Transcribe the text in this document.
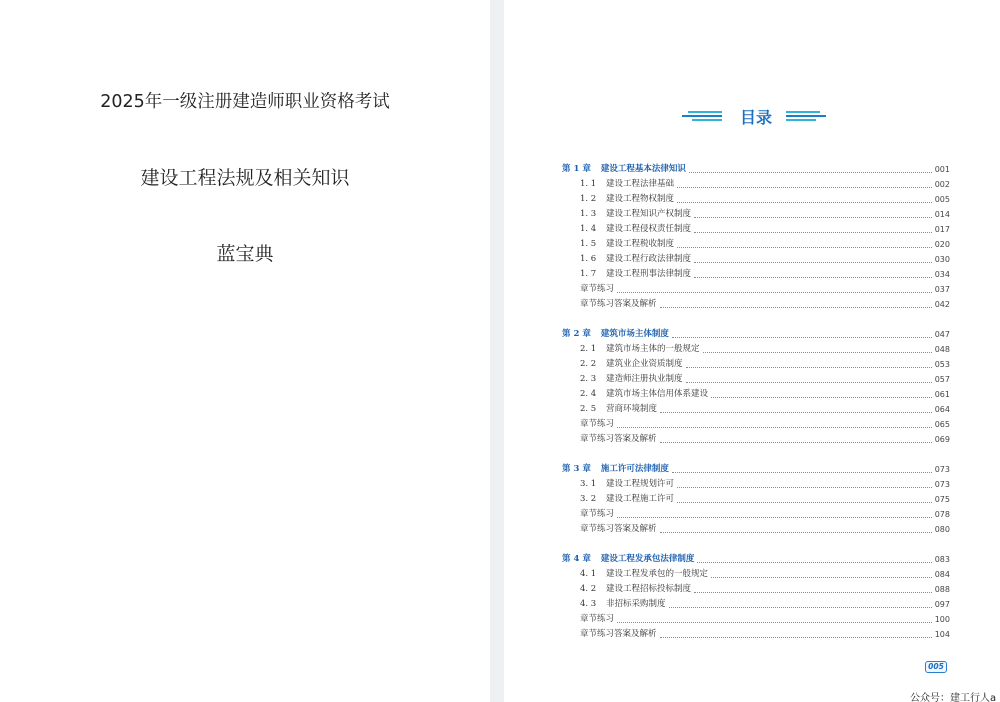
2025年一级注册建造师职业资格考试
建设工程法规及相关知识
蓝宝典
目录
第 1 章 建设工程基本法律知识	001
1. 1 建设工程法律基础	002
1. 2 建设工程物权制度	005
1. 3 建设工程知识产权制度	014
1. 4 建设工程侵权责任制度	017
1. 5 建设工程税收制度	020
1. 6 建设工程行政法律制度	030
1. 7 建设工程刑事法律制度	034
章节练习	037
章节练习答案及解析	042
第 2 章 建筑市场主体制度	047
2. 1 建筑市场主体的一般规定	048
2. 2 建筑业企业资质制度	053
2. 3 建造师注册执业制度	057
2. 4 建筑市场主体信用体系建设	061
2. 5 营商环境制度	064
章节练习	065
章节练习答案及解析	069
第 3 章 施工许可法律制度	073
3. 1 建设工程规划许可	073
3. 2 建设工程施工许可	075
章节练习	078
章节练习答案及解析	080
第 4 章 建设工程发承包法律制度	083
4. 1 建设工程发承包的一般规定	084
4. 2 建设工程招标投标制度	088
4. 3 非招标采购制度	097
章节练习	100
章节练习答案及解析	104
005
公众号：建工行人a
